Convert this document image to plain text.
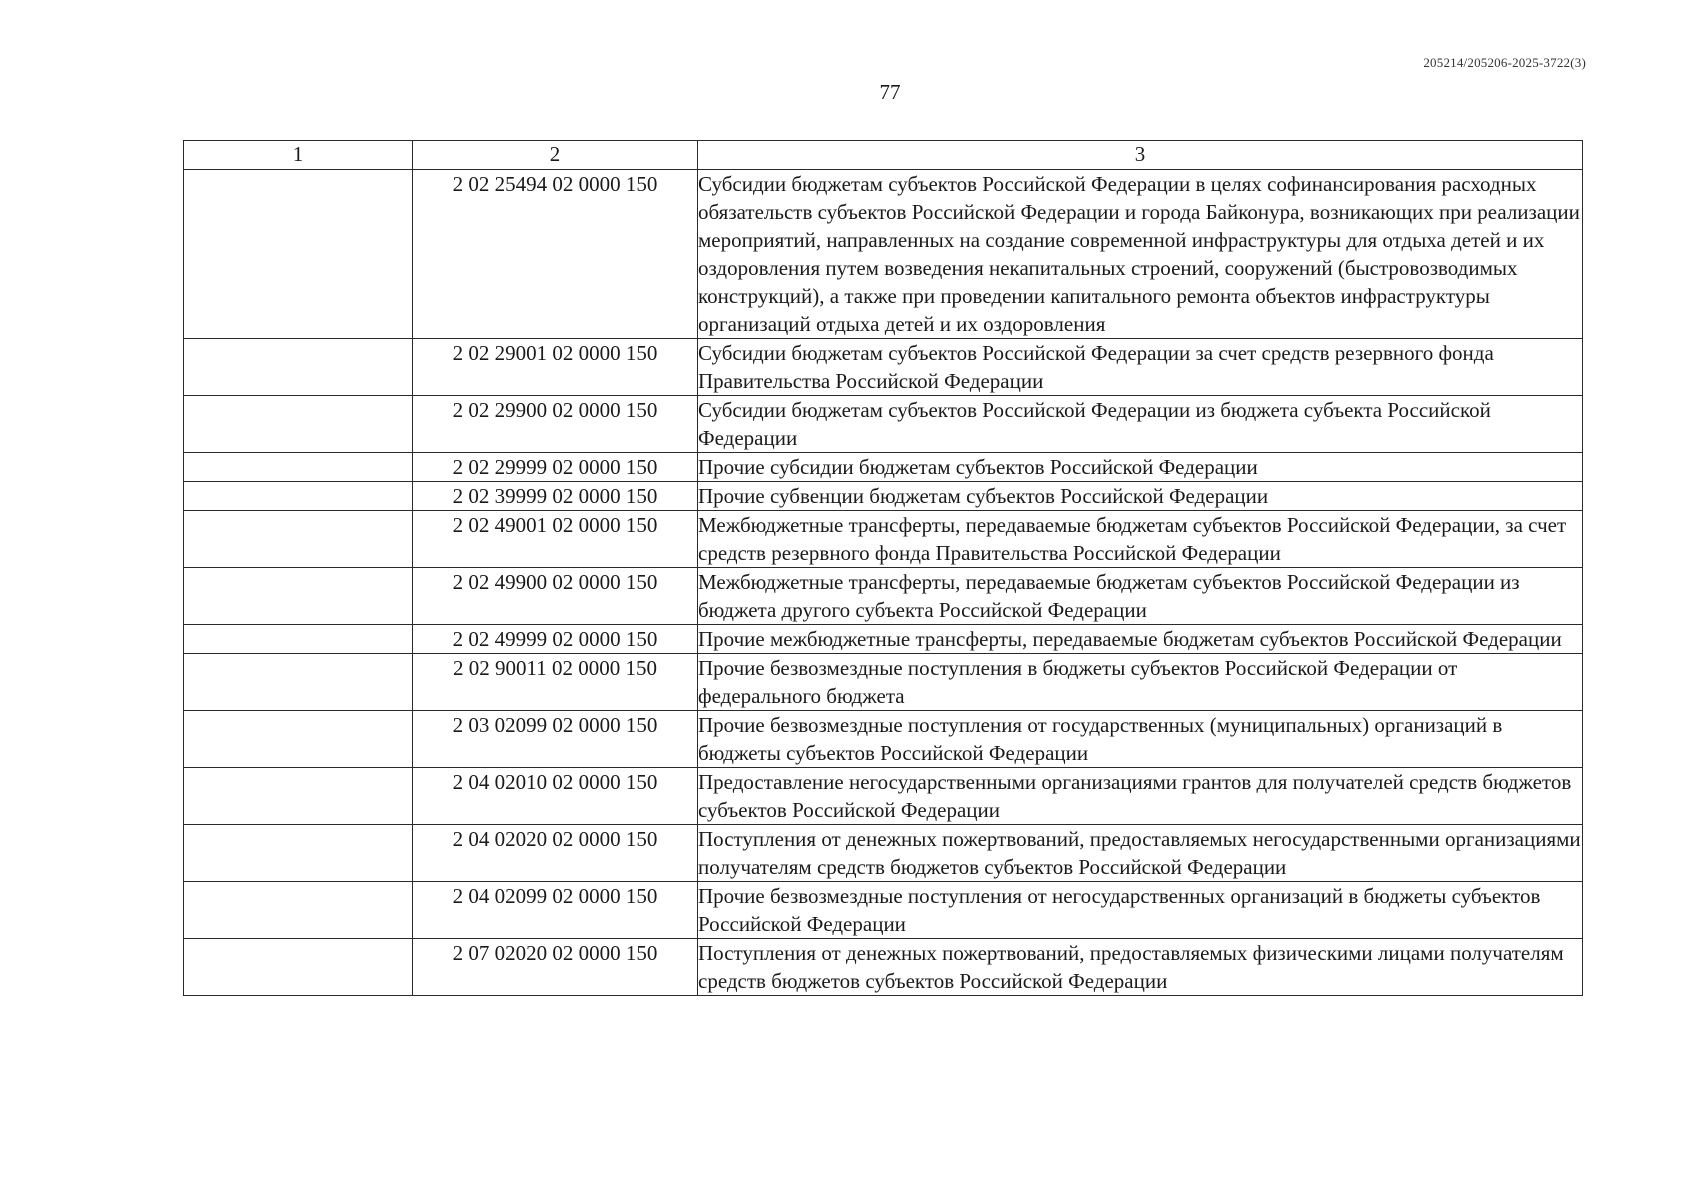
205214/205206-2025-3722(3)
77
1	2	3
	2 02 25494 02 0000 150	Субсидии бюджетам субъектов Российской Федерации в целях софинансирования расходных обязательств субъектов Российской Федерации и города Байконура, возникающих при реализации мероприятий, направленных на создание современной инфраструктуры для отдыха детей и их оздоровления путем возведения некапитальных строений, сооружений (быстровозводимых конструкций), а также при проведении капитального ремонта объектов инфраструктуры организаций отдыха детей и их оздоровления
	2 02 29001 02 0000 150	Субсидии бюджетам субъектов Российской Федерации за счет средств резервного фонда Правительства Российской Федерации
	2 02 29900 02 0000 150	Субсидии бюджетам субъектов Российской Федерации из бюджета субъекта Российской Федерации
	2 02 29999 02 0000 150	Прочие субсидии бюджетам субъектов Российской Федерации
	2 02 39999 02 0000 150	Прочие субвенции бюджетам субъектов Российской Федерации
	2 02 49001 02 0000 150	Межбюджетные трансферты, передаваемые бюджетам субъектов Российской Федерации, за счет средств резервного фонда Правительства Российской Федерации
	2 02 49900 02 0000 150	Межбюджетные трансферты, передаваемые бюджетам субъектов Российской Федерации из бюджета другого субъекта Российской Федерации
	2 02 49999 02 0000 150	Прочие межбюджетные трансферты, передаваемые бюджетам субъектов Российской Федерации
	2 02 90011 02 0000 150	Прочие безвозмездные поступления в бюджеты субъектов Российской Федерации от федерального бюджета
	2 03 02099 02 0000 150	Прочие безвозмездные поступления от государственных (муниципальных) организаций в бюджеты субъектов Российской Федерации
	2 04 02010 02 0000 150	Предоставление негосударственными организациями грантов для получателей средств бюджетов субъектов Российской Федерации
	2 04 02020 02 0000 150	Поступления от денежных пожертвований, предоставляемых негосударственными организациями получателям средств бюджетов субъектов Российской Федерации
	2 04 02099 02 0000 150	Прочие безвозмездные поступления от негосударственных организаций в бюджеты субъектов Российской Федерации
	2 07 02020 02 0000 150	Поступления от денежных пожертвований, предоставляемых физическими лицами получателям средств бюджетов субъектов Российской Федерации
